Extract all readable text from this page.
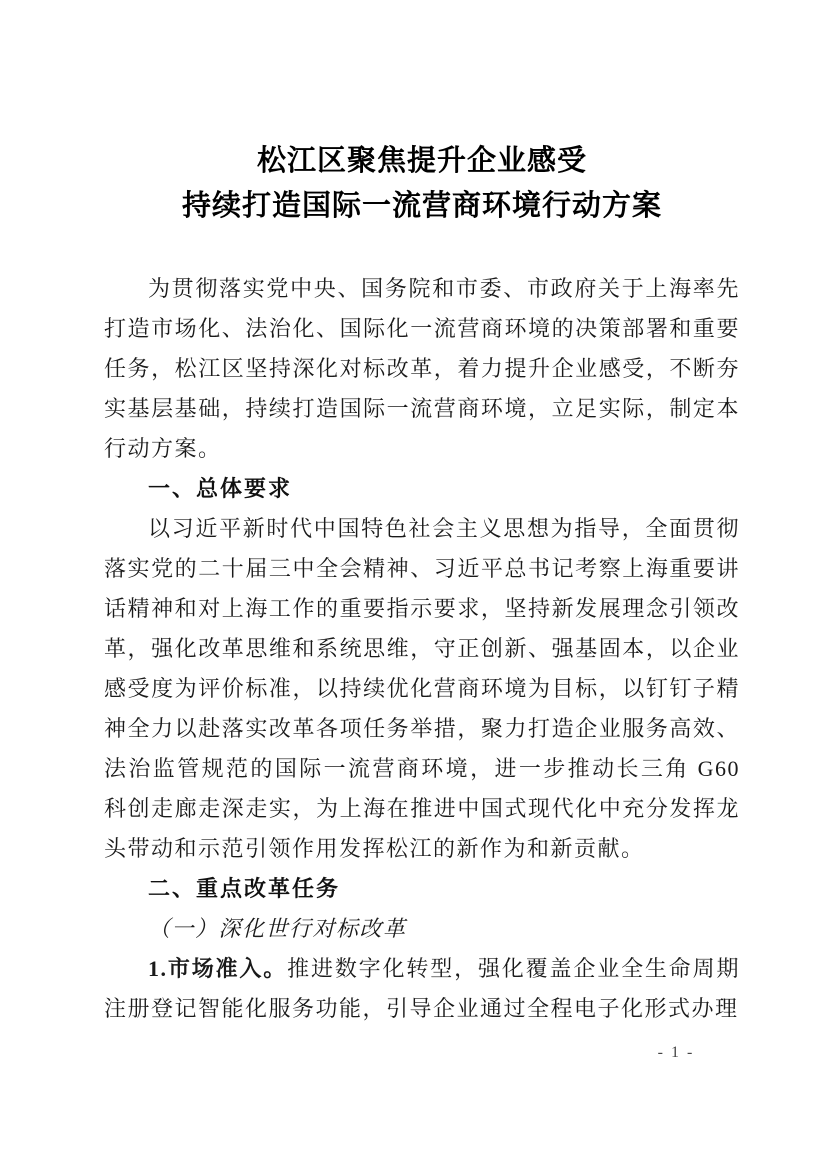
松江区聚焦提升企业感受
持续打造国际一流营商环境行动方案

为贯彻落实党中央、国务院和市委、市政府关于上海率先打造市场化、法治化、国际化一流营商环境的决策部署和重要任务，松江区坚持深化对标改革，着力提升企业感受，不断夯实基层基础，持续打造国际一流营商环境，立足实际，制定本行动方案。

一、总体要求

以习近平新时代中国特色社会主义思想为指导，全面贯彻落实党的二十届三中全会精神、习近平总书记考察上海重要讲话精神和对上海工作的重要指示要求，坚持新发展理念引领改革，强化改革思维和系统思维，守正创新、强基固本，以企业感受度为评价标准，以持续优化营商环境为目标，以钉钉子精神全力以赴落实改革各项任务举措，聚力打造企业服务高效、法治监管规范的国际一流营商环境，进一步推动长三角 G60 科创走廊走深走实，为上海在推进中国式现代化中充分发挥龙头带动和示范引领作用发挥松江的新作为和新贡献。

二、重点改革任务

（一）深化世行对标改革

1.市场准入。推进数字化转型，强化覆盖企业全生命周期注册登记智能化服务功能，引导企业通过全程电子化形式办理

- 1 -
